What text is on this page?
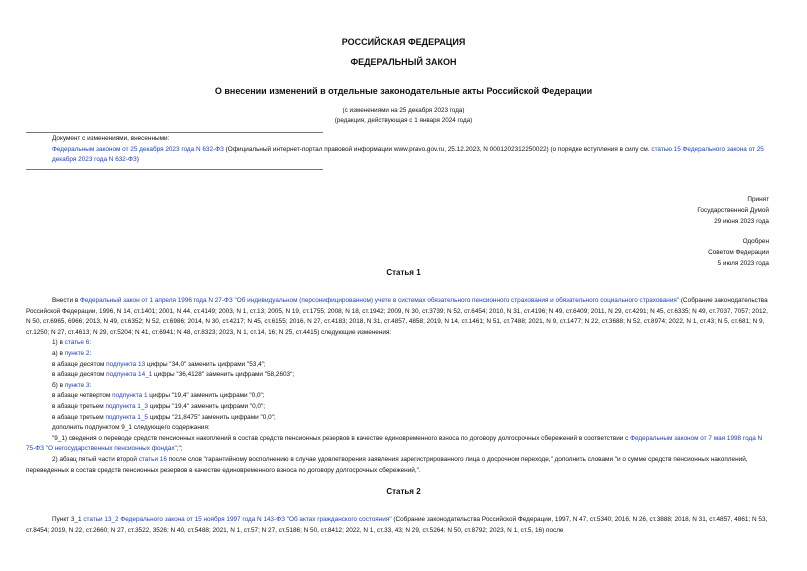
РОССИЙСКАЯ ФЕДЕРАЦИЯ
ФЕДЕРАЛЬНЫЙ ЗАКОН
О внесении изменений в отдельные законодательные акты Российской Федерации
(с изменениями на 25 декабря 2023 года)
(редакция, действующая с 1 января 2024 года)
Документ с изменениями, внесенными:
Федеральным законом от 25 декабря 2023 года N 632-ФЗ (Официальный интернет-портал правовой информации www.pravo.gov.ru, 25.12.2023, N 0001202312250022) (о порядке вступления в силу см. статью 15 Федерального закона от 25 декабря 2023 года N 632-ФЗ)
Принят
Государственной Думой
29 июня 2023 года
Одобрен
Советом Федерации
5 июля 2023 года
Статья 1

Внести в Федеральный закон от 1 апреля 1996 года N 27-ФЗ "Об индивидуальном (персонифицированном) учете в системах обязательного пенсионного страхования и обязательного социального страхования" (Собрание законодательства Российской Федерации, 1996, N 14, ст.1401; 2001, N 44, ст.4149; 2003, N 1, ст.13; 2005, N 19, ст.1755; 2008, N 18, ст.1942; 2009, N 30, ст.3739; N 52, ст.6454; 2010, N 31, ст.4196; N 49, ст.6409; 2011, N 29, ст.4291; N 45, ст.6335; N 49, ст.7037, 7057; 2012, N 50, ст.6965, 6966; 2013, N 49, ст.6352; N 52, ст.6986; 2014, N 30, ст.4217; N 45, ст.6155; 2016, N 27, ст.4183; 2018, N 31, ст.4857, 4858; 2019, N 14, ст.1461; N 51, ст.7488; 2021, N 9, ст.1477; N 22, ст.3688; N 52, ст.8974; 2022, N 1, ст.43; N 5, ст.681; N 9, ст.1250; N 27, ст.4613; N 29, ст.5204; N 41, ст.6941; N 48, ст.8323; 2023, N 1, ст.14, 16; N 25, ст.4415) следующие изменения:

1) в статье 6:

а) в пункте 2:

в абзаце десятом подпункта 13 цифры "34,0" заменить цифрами "53,4";

в абзаце десятом подпункта 14_1 цифры "36,4128" заменить цифрами "58,2603";

б) в пункте 3:

в абзаце четвертом подпункта 1 цифры "19,4" заменить цифрами "0,0";

в абзаце третьем подпункта 1_3 цифры "19,4" заменить цифрами "0,0";

в абзаце третьем подпункта 1_5 цифры "21,8475" заменить цифрами "0,0";

дополнить подпунктом 9_1 следующего содержания:

"9_1) сведения о переводе средств пенсионных накоплений в состав средств пенсионных резервов в качестве единовременного взноса по договору долгосрочных сбережений в соответствии с Федеральным законом от 7 мая 1998 года N 75-ФЗ "О негосударственных пенсионных фондах";";

2) абзац пятый части второй статьи 16 после слов "гарантийному восполнению в случае удовлетворения заявления зарегистрированного лица о досрочном переходе," дополнить словами "и о сумме средств пенсионных накоплений, переведенных в состав средств пенсионных резервов в качестве единовременного взноса по договору долгосрочных сбережений,".

Статья 2

Пункт 3_1 статьи 13_2 Федерального закона от 15 ноября 1997 года N 143-ФЗ "Об актах гражданского состояния" (Собрание законодательства Российской Федерации, 1997, N 47, ст.5340; 2016, N 26, ст.3888; 2018, N 31, ст.4857, 4861; N 53, ст.8454; 2019, N 22, ст.2660; N 27, ст.3522, 3526; N 40, ст.5488; 2021, N 1, ст.57; N 27, ст.5186; N 50, ст.8412; 2022, N 1, ст.33, 43; N 29, ст.5264; N 50, ст.8792; 2023, N 1, ст.5, 16) после
